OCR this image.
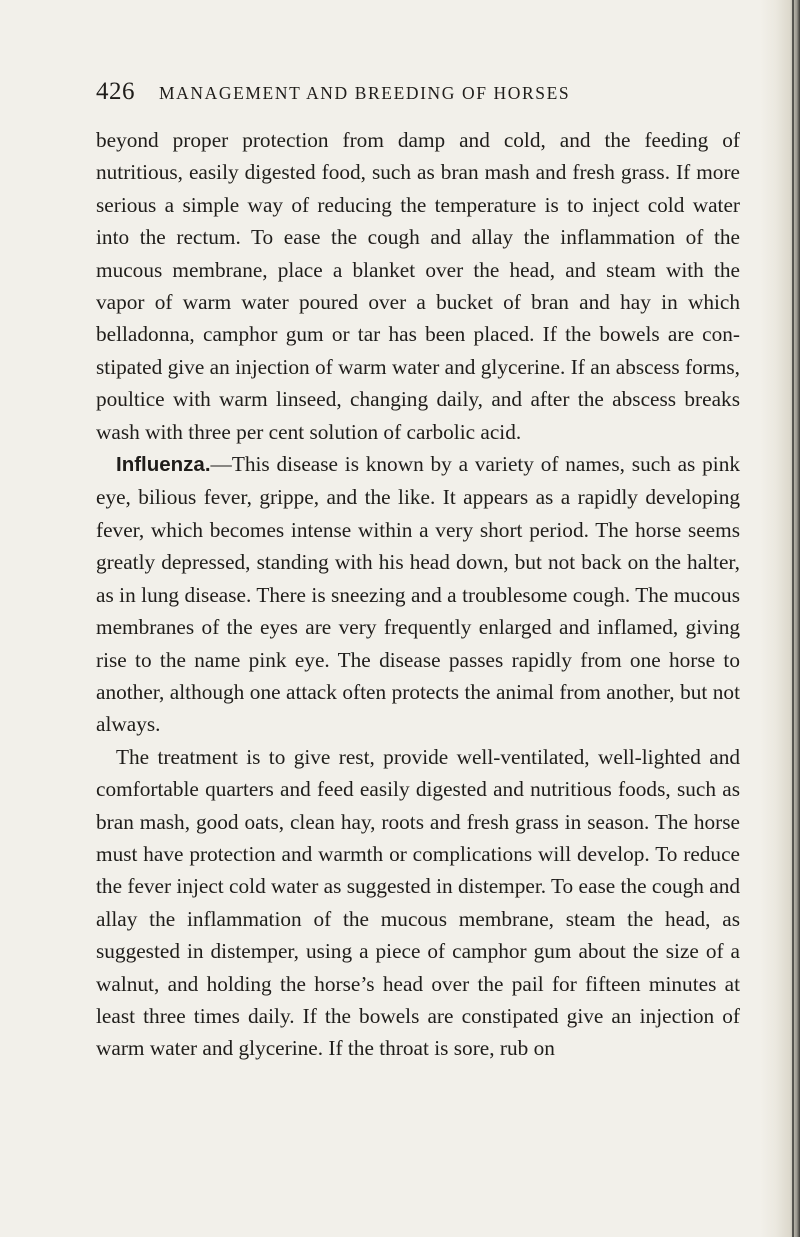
426 MANAGEMENT AND BREEDING OF HORSES

beyond proper protection from damp and cold, and the feeding of nutritious, easily digested food, such as bran mash and fresh grass. If more serious a simple way of reducing the temperature is to inject cold water into the rectum. To ease the cough and allay the inflammation of the mucous membrane, place a blanket over the head, and steam with the vapor of warm water poured over a bucket of bran and hay in which belladonna, camphor gum or tar has been placed. If the bowels are constipated give an injection of warm water and glycerine. If an abscess forms, poultice with warm linseed, changing daily, and after the abscess breaks wash with three per cent solution of carbolic acid.

Influenza.—This disease is known by a variety of names, such as pink eye, bilious fever, grippe, and the like. It appears as a rapidly developing fever, which becomes intense within a very short period. The horse seems greatly depressed, standing with his head down, but not back on the halter, as in lung disease. There is sneezing and a troublesome cough. The mucous membranes of the eyes are very frequently enlarged and inflamed, giving rise to the name pink eye. The disease passes rapidly from one horse to another, although one attack often protects the animal from another, but not always.

The treatment is to give rest, provide well-ventilated, well-lighted and comfortable quarters and feed easily digested and nutritious foods, such as bran mash, good oats, clean hay, roots and fresh grass in season. The horse must have protection and warmth or complications will develop. To reduce the fever inject cold water as suggested in distemper. To ease the cough and allay the inflammation of the mucous membrane, steam the head, as suggested in distemper, using a piece of camphor gum about the size of a walnut, and holding the horse’s head over the pail for fifteen minutes at least three times daily. If the bowels are constipated give an injection of warm water and glycerine. If the throat is sore, rub on
